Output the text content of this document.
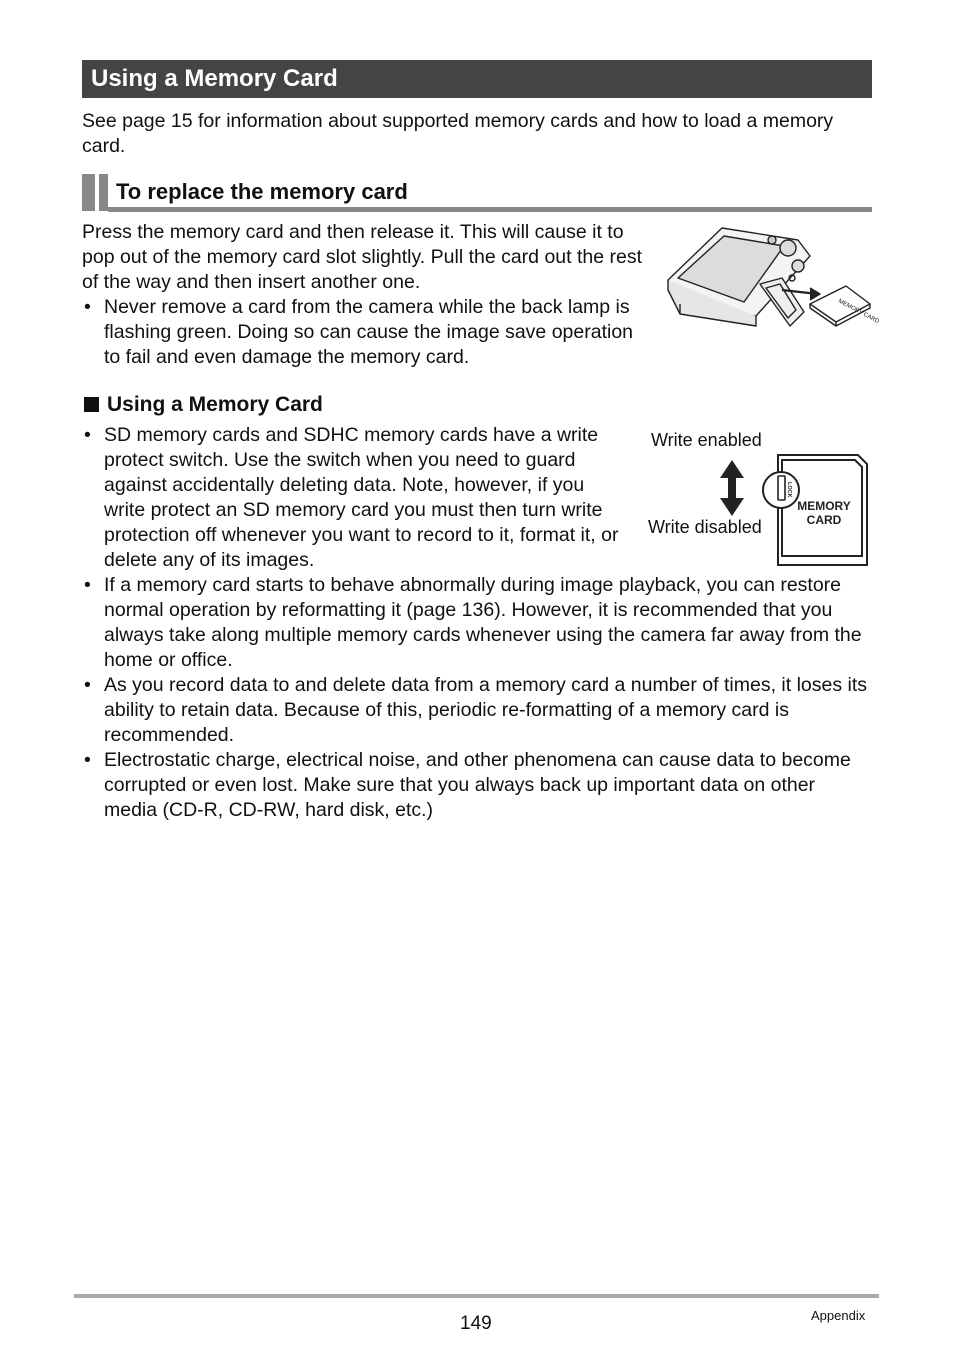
Using a Memory Card
See page 15 for information about supported memory cards and how to load a memory card.
To replace the memory card
Press the memory card and then release it. This will cause it to pop out of the memory card slot slightly. Pull the card out the rest of the way and then insert another one.
• Never remove a card from the camera while the back lamp is flashing green. Doing so can cause the image save operation to fail and even damage the memory card.
MEMORY CARD
Using a Memory Card
• SD memory cards and SDHC memory cards have a write protect switch. Use the switch when you need to guard against accidentally deleting data. Note, however, if you write protect an SD memory card you must then turn write protection off whenever you want to record to it, format it, or delete any of its images.
• If a memory card starts to behave abnormally during image playback, you can restore normal operation by reformatting it (page 136). However, it is recommended that you always take along multiple memory cards whenever using the camera far away from the home or office.
• As you record data to and delete data from a memory card a number of times, it loses its ability to retain data. Because of this, periodic re-formatting of a memory card is recommended.
• Electrostatic charge, electrical noise, and other phenomena can cause data to become corrupted or even lost. Make sure that you always back up important data on other media (CD-R, CD-RW, hard disk, etc.)
Write enabled
Write disabled
LOCK
MEMORY
CARD
149	Appendix
